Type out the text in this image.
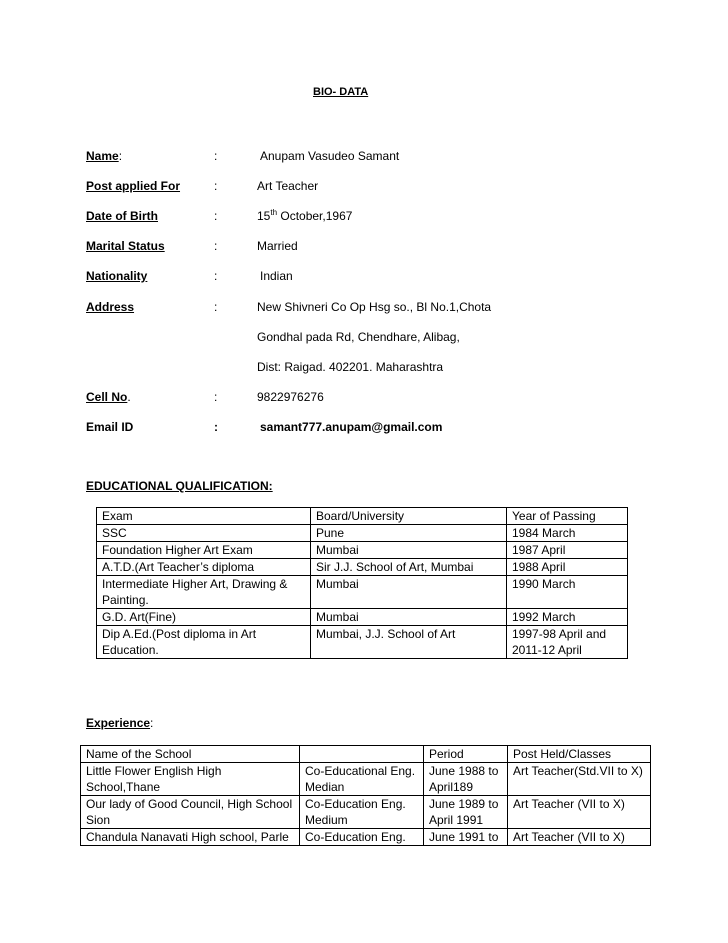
BIO- DATA
Name:	:	Anupam Vasudeo Samant
Post applied For	:	Art Teacher
Date of Birth	:	15th October,1967
Marital Status	:	Married
Nationality	:	Indian
Address	:	New Shivneri Co Op Hsg so., Bl No.1,Chota
Gondhal pada Rd, Chendhare, Alibag,
Dist: Raigad. 402201. Maharashtra
Cell No.	:	9822976276
Email ID	:	samant777.anupam@gmail.com
EDUCATIONAL QUALIFICATION:
Exam	Board/University	Year of Passing
SSC	Pune	1984 March
Foundation Higher Art Exam	Mumbai	1987 April
A.T.D.(Art Teacher’s diploma	Sir J.J. School of Art, Mumbai	1988 April
Intermediate Higher Art, Drawing & Painting.	Mumbai	1990 March
G.D. Art(Fine)	Mumbai	1992 March
Dip A.Ed.(Post diploma in Art Education.	Mumbai, J.J. School of Art	1997-98 April and 2011-12 April
Experience:
Name of the School		Period	Post Held/Classes
Little Flower English High School,Thane	Co-Educational Eng. Median	June 1988 to April189	Art Teacher(Std.VII to X)
Our lady of Good Council, High School Sion	Co-Education Eng. Medium	June 1989 to April 1991	Art Teacher (VII to X)
Chandula Nanavati High school, Parle	Co-Education Eng.	June 1991 to	Art Teacher (VII to X)
